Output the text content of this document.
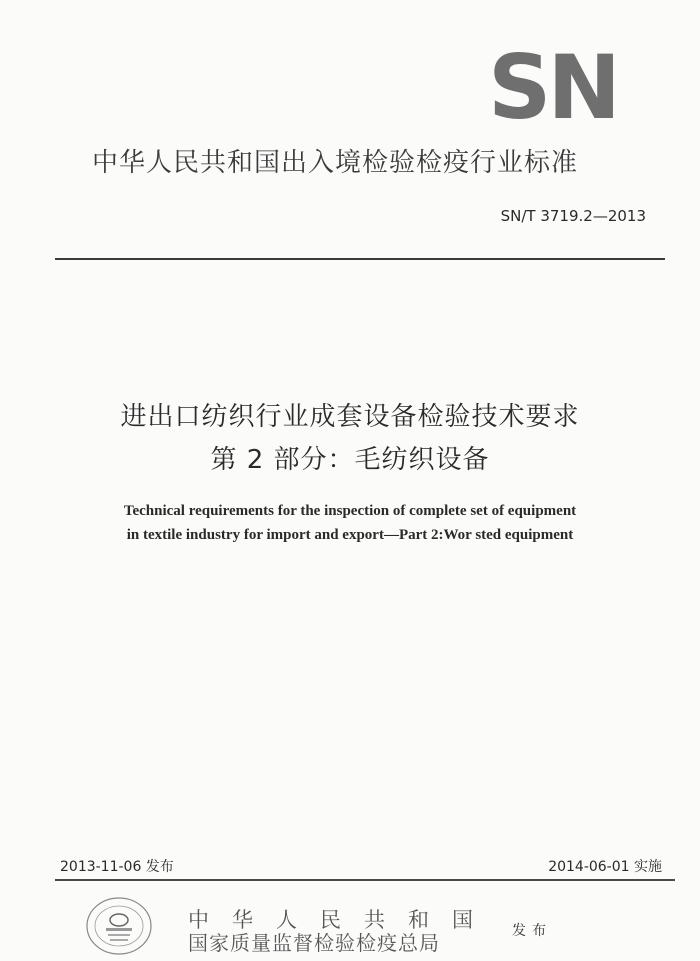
SN
中华人民共和国出入境检验检疫行业标准
SN/T 3719.2—2013
进出口纺织行业成套设备检验技术要求
第 2 部分：毛纺织设备
Technical requirements for the inspection of complete set of equipment
in textile industry for import and export—Part 2:Wor sted equipment
2013-11-06 发布	2014-06-01 实施
中华人民共和国
国家质量监督检验检疫总局	发布
